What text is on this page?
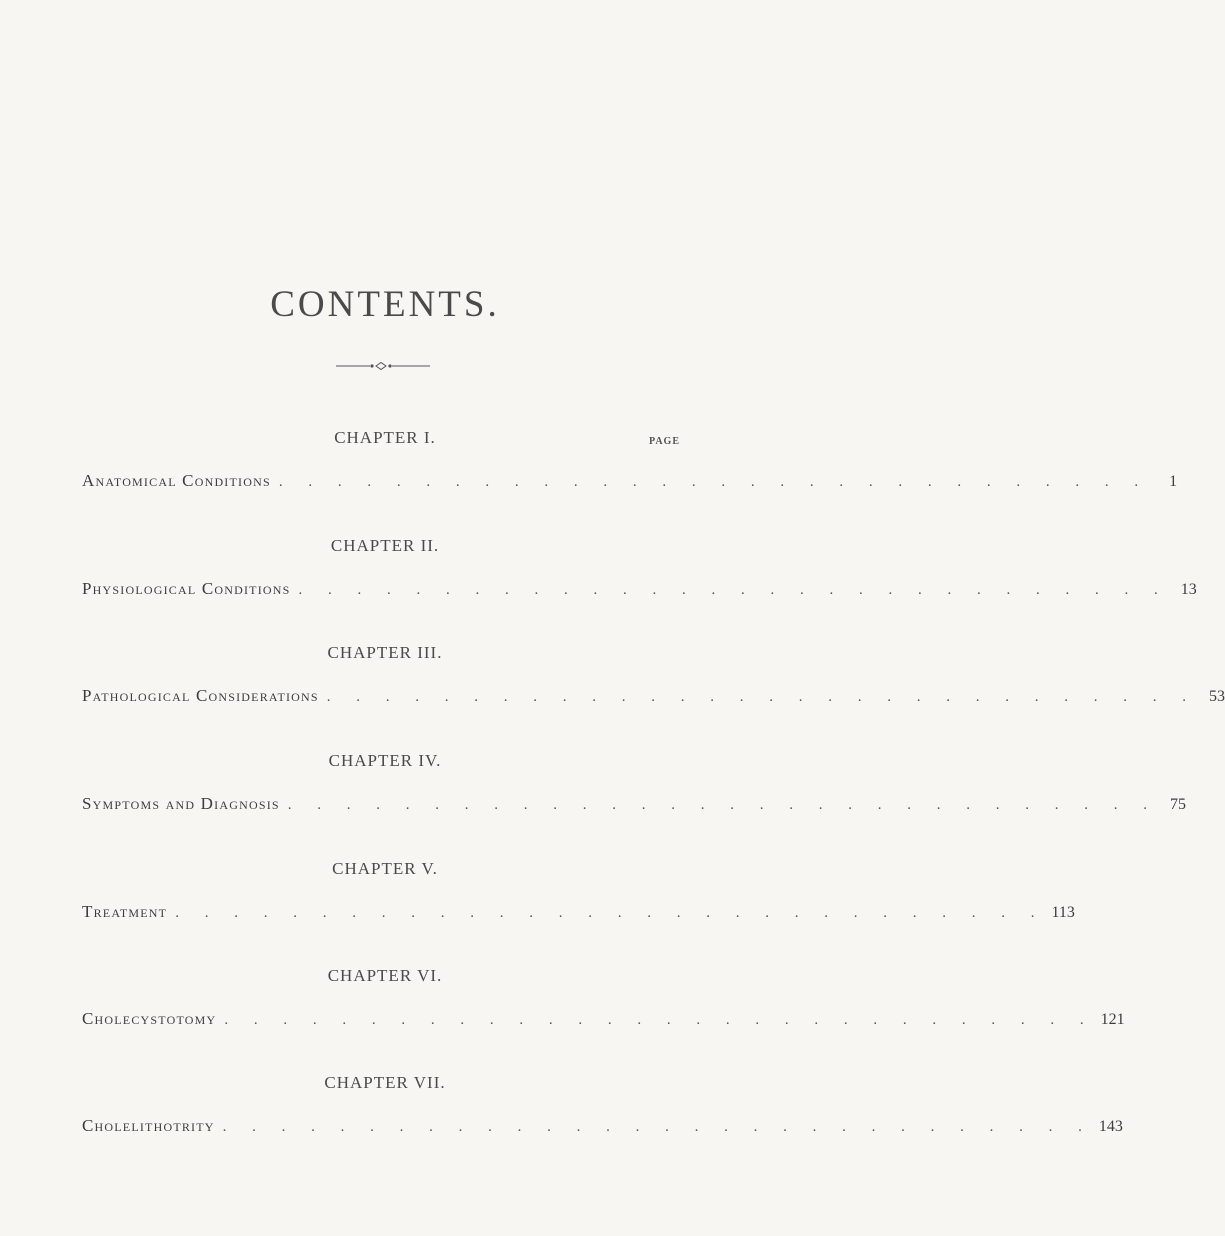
CONTENTS.
PAGE
CHAPTER I.
Anatomical Conditions . . . . . . . . . . . . . . . . . . . . . . . . . . . . . .	1
CHAPTER II.
Physiological Conditions . . . . . . . . . . . . . . . . . . . . . . . . . . . . . . 13
CHAPTER III.
Pathological Considerations . . . . . . . . . . . . . . . . . . . . . . . . . . . . . . 53
CHAPTER IV.
Symptoms and Diagnosis . . . . . . . . . . . . . . . . . . . . . . . . . . . . . . 75
CHAPTER V.
Treatment . . . . . . . . . . . . . . . . . . . . . . . . . . . . . . 113
CHAPTER VI.
Cholecystotomy . . . . . . . . . . . . . . . . . . . . . . . . . . . . . . 121
CHAPTER VII.
Cholelithotrity . . . . . . . . . . . . . . . . . . . . . . . . . . . . . . 143
